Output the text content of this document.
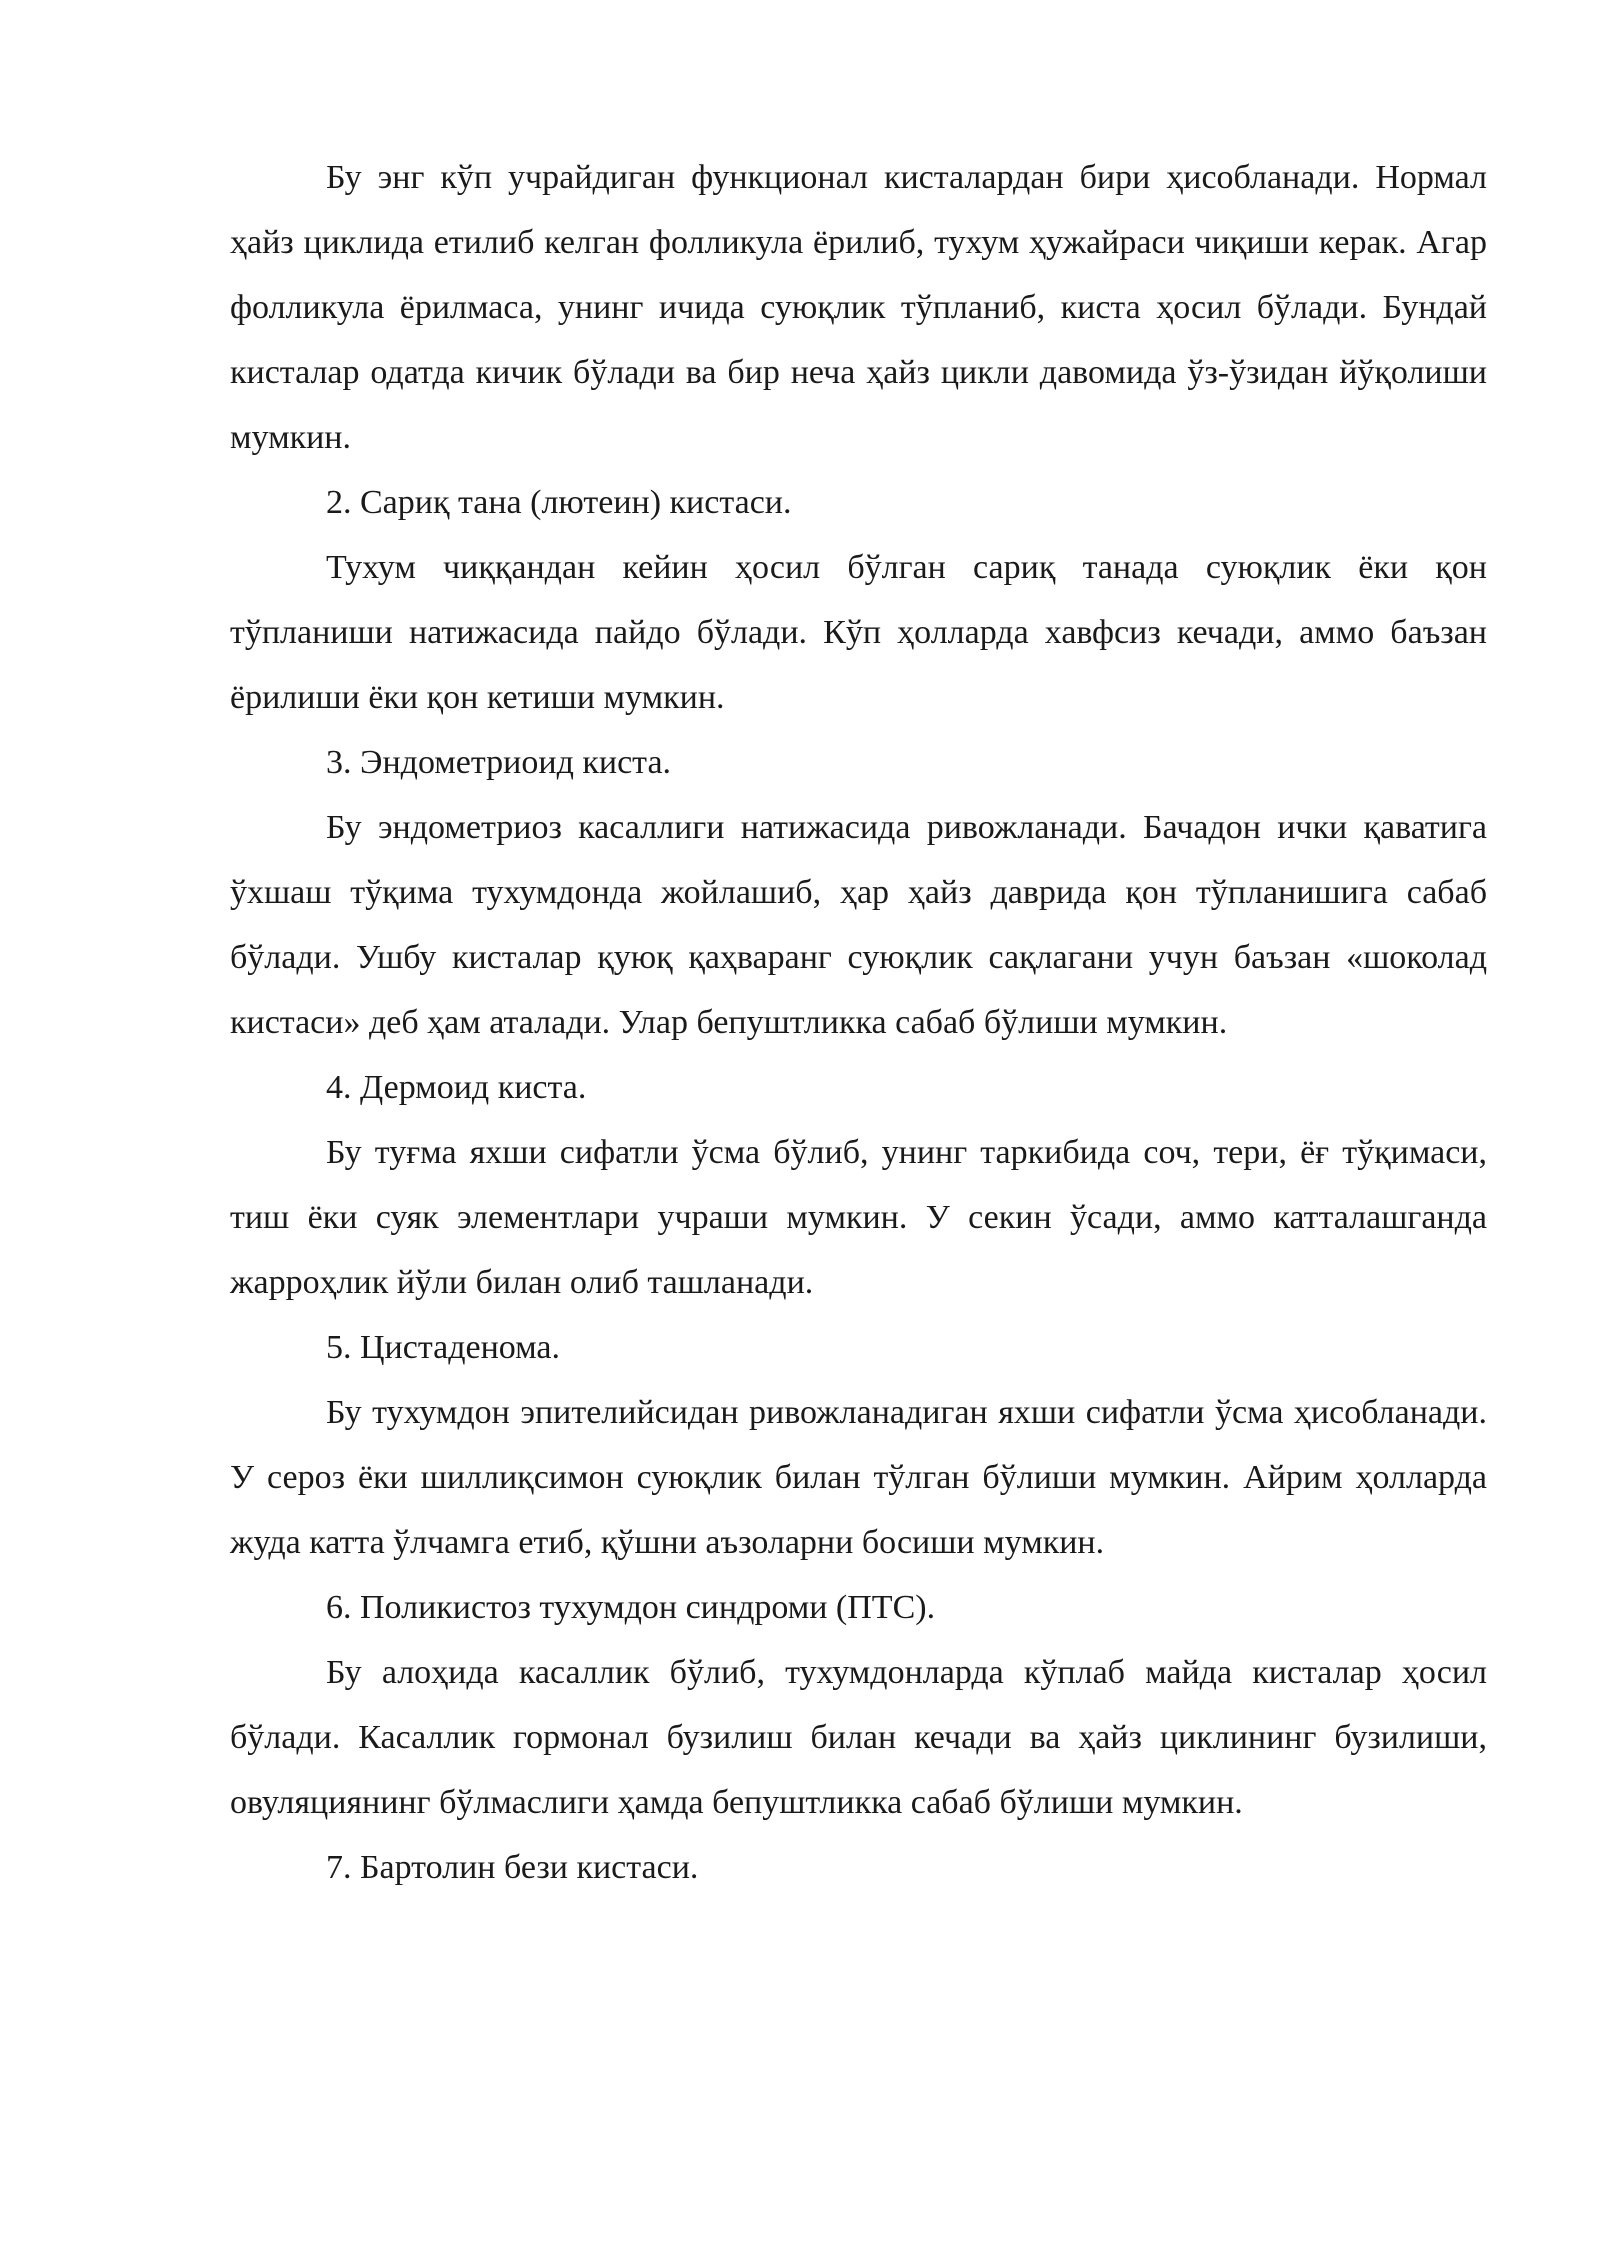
Бу энг кўп учрайдиган функционал кисталардан бири ҳисобланади. Нормал ҳайз циклида етилиб келган фолликула ёрилиб, тухум ҳужайраси чиқиши керак. Агар фолликула ёрилмаса, унинг ичида суюқлик тўпланиб, киста ҳосил бўлади. Бундай кисталар одатда кичик бўлади ва бир неча ҳайз цикли давомида ўз-ўзидан йўқолиши мумкин.

2. Сариқ тана (лютеин) кистаси.

Тухум чиққандан кейин ҳосил бўлган сариқ танада суюқлик ёки қон тўпланиши натижасида пайдо бўлади. Кўп ҳолларда хавфсиз кечади, аммо баъзан ёрилиши ёки қон кетиши мумкин.

3. Эндометриоид киста.

Бу эндометриоз касаллиги натижасида ривожланади. Бачадон ички қаватига ўхшаш тўқима тухумдонда жойлашиб, ҳар ҳайз даврида қон тўпланишига сабаб бўлади. Ушбу кисталар қуюқ қаҳваранг суюқлик сақлагани учун баъзан «шоколад кистаси» деб ҳам аталади. Улар бепуштликка сабаб бўлиши мумкин.

4. Дермоид киста.

Бу туғма яхши сифатли ўсма бўлиб, унинг таркибида соч, тери, ёғ тўқимаси, тиш ёки суяк элементлари учраши мумкин. У секин ўсади, аммо катталашганда жарроҳлик йўли билан олиб ташланади.

5. Цистаденома.

Бу тухумдон эпителийсидан ривожланадиган яхши сифатли ўсма ҳисобланади. У сероз ёки шиллиқсимон суюқлик билан тўлган бўлиши мумкин. Айрим ҳолларда жуда катта ўлчамга етиб, қўшни аъзоларни босиши мумкин.

6. Поликистоз тухумдон синдроми (ПТС).

Бу алоҳида касаллик бўлиб, тухумдонларда кўплаб майда кисталар ҳосил бўлади. Касаллик гормонал бузилиш билан кечади ва ҳайз циклининг бузилиши, овуляциянинг бўлмаслиги ҳамда бепуштликка сабаб бўлиши мумкин.

7. Бартолин бези кистаси.
